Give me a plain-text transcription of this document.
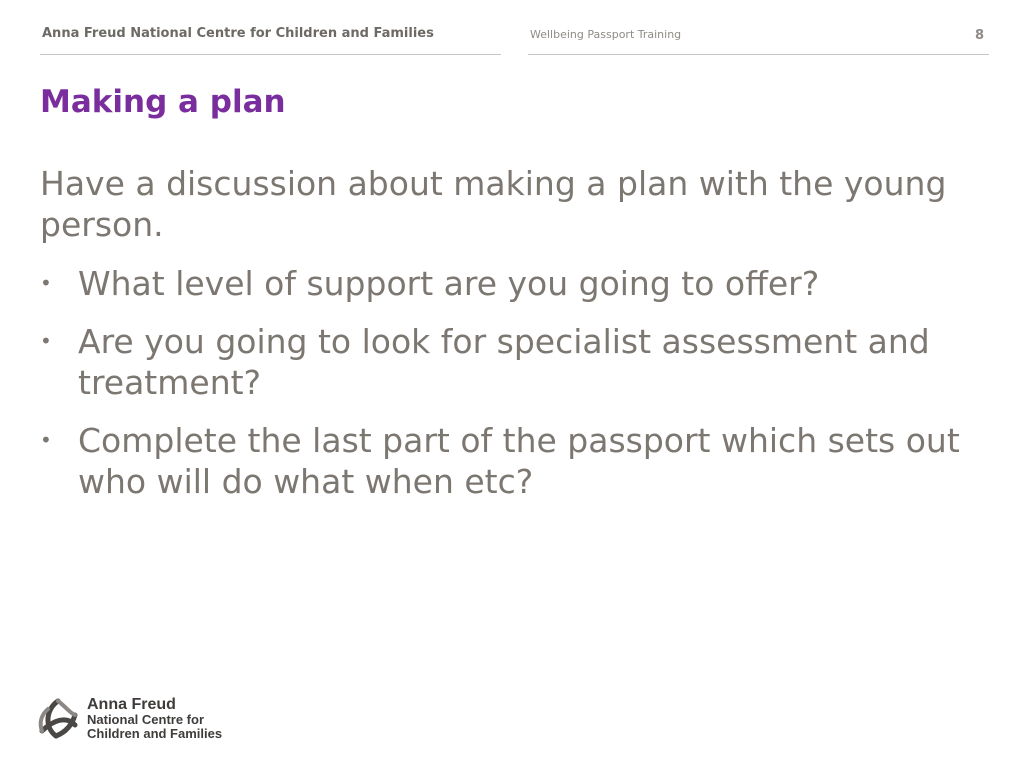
Anna Freud National Centre for Children and Families	Wellbeing Passport Training	8
Making a plan

Have a discussion about making a plan with the young person.

• What level of support are you going to offer?
• Are you going to look for specialist assessment and treatment?
• Complete the last part of the passport which sets out who will do what when etc?
Anna Freud
National Centre for
Children and Families
